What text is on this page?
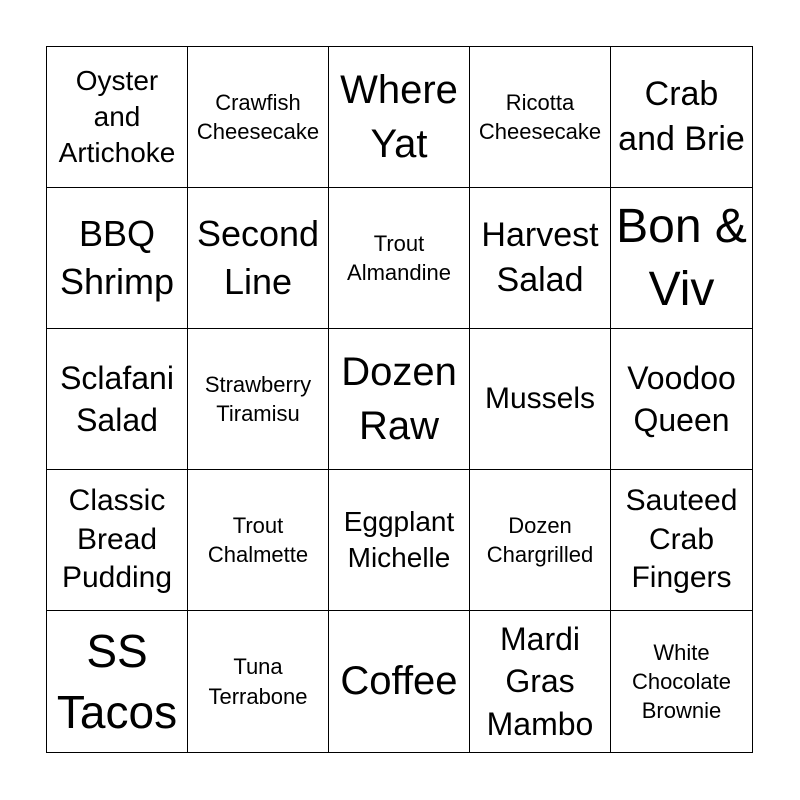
Oyster and Artichoke
Crawfish Cheesecake
Where Yat
Ricotta Cheesecake
Crab and Brie
BBQ Shrimp
Second Line
Trout Almandine
Harvest Salad
Bon & Viv
Sclafani Salad
Strawberry Tiramisu
Dozen Raw
Mussels
Voodoo Queen
Classic Bread Pudding
Trout Chalmette
Eggplant Michelle
Dozen Chargrilled
Sauteed Crab Fingers
SS Tacos
Tuna Terrabone Coffee
Mardi Gras Mambo
White Chocolate Brownie
